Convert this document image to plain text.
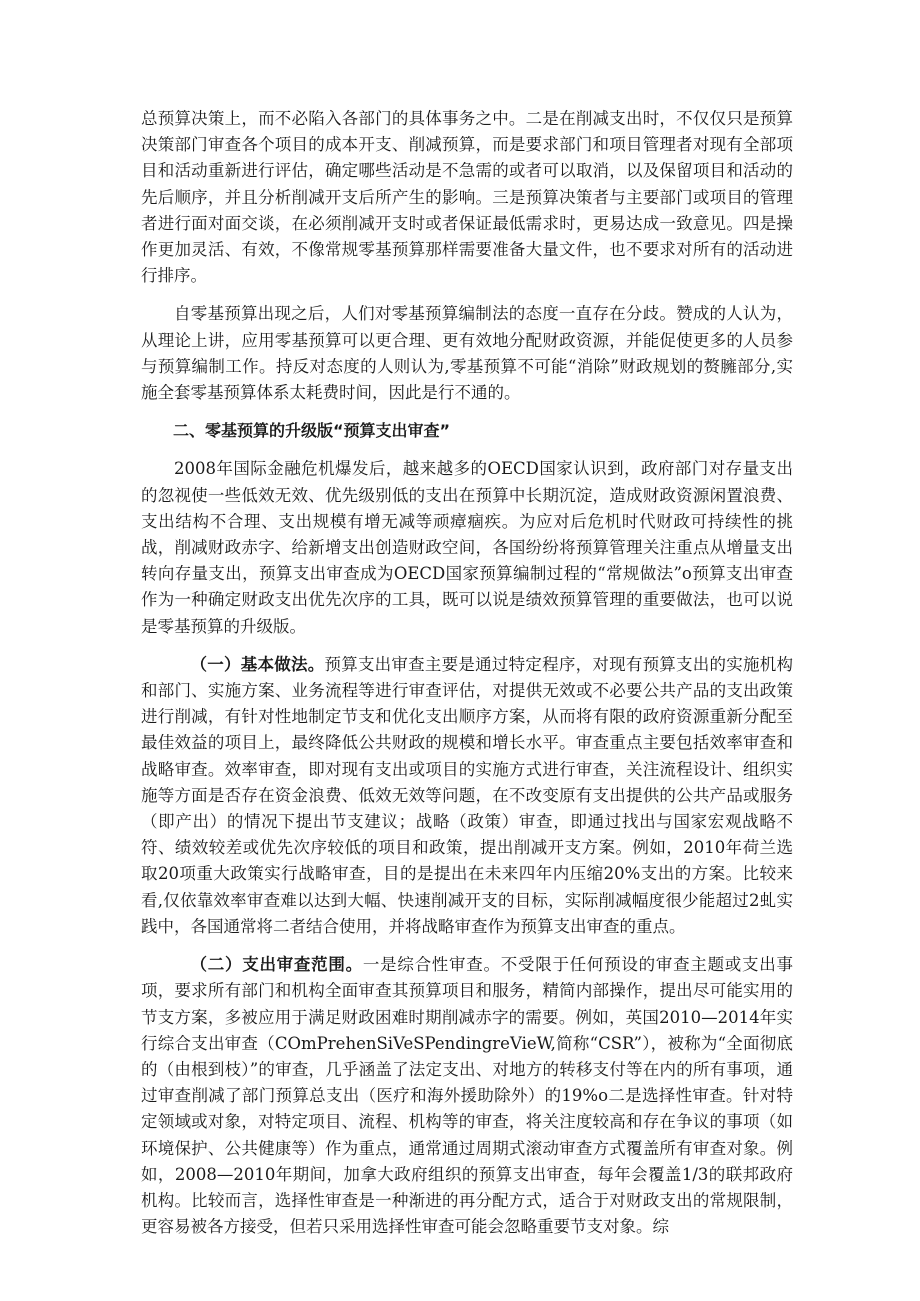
总预算决策上，而不必陷入各部门的具体事务之中。二是在削减支出时，不仅仅只是预算决策部门审查各个项目的成本开支、削减预算，而是要求部门和项目管理者对现有全部项目和活动重新进行评估，确定哪些活动是不急需的或者可以取消，以及保留项目和活动的先后顺序，并且分析削减开支后所产生的影响。三是预算决策者与主要部门或项目的管理者进行面对面交谈，在必须削减开支时或者保证最低需求时，更易达成一致意见。四是操作更加灵活、有效，不像常规零基预算那样需要准备大量文件，也不要求对所有的活动进行排序。

自零基预算出现之后，人们对零基预算编制法的态度一直存在分歧。赞成的人认为，从理论上讲，应用零基预算可以更合理、更有效地分配财政资源，并能促使更多的人员参与预算编制工作。持反对态度的人则认为,零基预算不可能“消除”财政规划的赘臃部分,实施全套零基预算体系太耗费时间，因此是行不通的。

二、零基预算的升级版“预算支出审查”

2008年国际金融危机爆发后，越来越多的OECD国家认识到，政府部门对存量支出的忽视使一些低效无效、优先级别低的支出在预算中长期沉淀，造成财政资源闲置浪费、支出结构不合理、支出规模有增无减等顽瘴痼疾。为应对后危机时代财政可持续性的挑战，削减财政赤字、给新增支出创造财政空间，各国纷纷将预算管理关注重点从增量支出转向存量支出，预算支出审查成为OECD国家预算编制过程的“常规做法”o预算支出审查作为一种确定财政支出优先次序的工具，既可以说是绩效预算管理的重要做法，也可以说是零基预算的升级版。

（一）基本做法。预算支出审查主要是通过特定程序，对现有预算支出的实施机构和部门、实施方案、业务流程等进行审查评估，对提供无效或不必要公共产品的支出政策进行削减，有针对性地制定节支和优化支出顺序方案，从而将有限的政府资源重新分配至最佳效益的项目上，最终降低公共财政的规模和增长水平。审查重点主要包括效率审查和战略审查。效率审查，即对现有支出或项目的实施方式进行审查，关注流程设计、组织实施等方面是否存在资金浪费、低效无效等问题，在不改变原有支出提供的公共产品或服务（即产出）的情况下提出节支建议；战略（政策）审查，即通过找出与国家宏观战略不符、绩效较差或优先次序较低的项目和政策，提出削减开支方案。例如，2010年荷兰选取20项重大政策实行战略审查，目的是提出在未来四年内压缩20%支出的方案。比较来看,仅依靠效率审查难以达到大幅、快速削减开支的目标，实际削减幅度很少能超过2虬实践中，各国通常将二者结合使用，并将战略审查作为预算支出审查的重点。

（二）支出审查范围。一是综合性审查。不受限于任何预设的审查主题或支出事项，要求所有部门和机构全面审查其预算项目和服务，精简内部操作，提出尽可能实用的节支方案，多被应用于满足财政困难时期削减赤字的需要。例如，英国2010—2014年实行综合支出审查（COmPrehenSiVeSPendingreVieW,简称“CSR”），被称为“全面彻底的（由根到枝）”的审查，几乎涵盖了法定支出、对地方的转移支付等在内的所有事项，通过审查削减了部门预算总支出（医疗和海外援助除外）的19%o二是选择性审查。针对特定领域或对象，对特定项目、流程、机构等的审查，将关注度较高和存在争议的事项（如环境保护、公共健康等）作为重点，通常通过周期式滚动审查方式覆盖所有审查对象。例如，2008—2010年期间，加拿大政府组织的预算支出审查，每年会覆盖1/3的联邦政府机构。比较而言，选择性审查是一种渐进的再分配方式，适合于对财政支出的常规限制，更容易被各方接受，但若只采用选择性审查可能会忽略重要节支对象。综
